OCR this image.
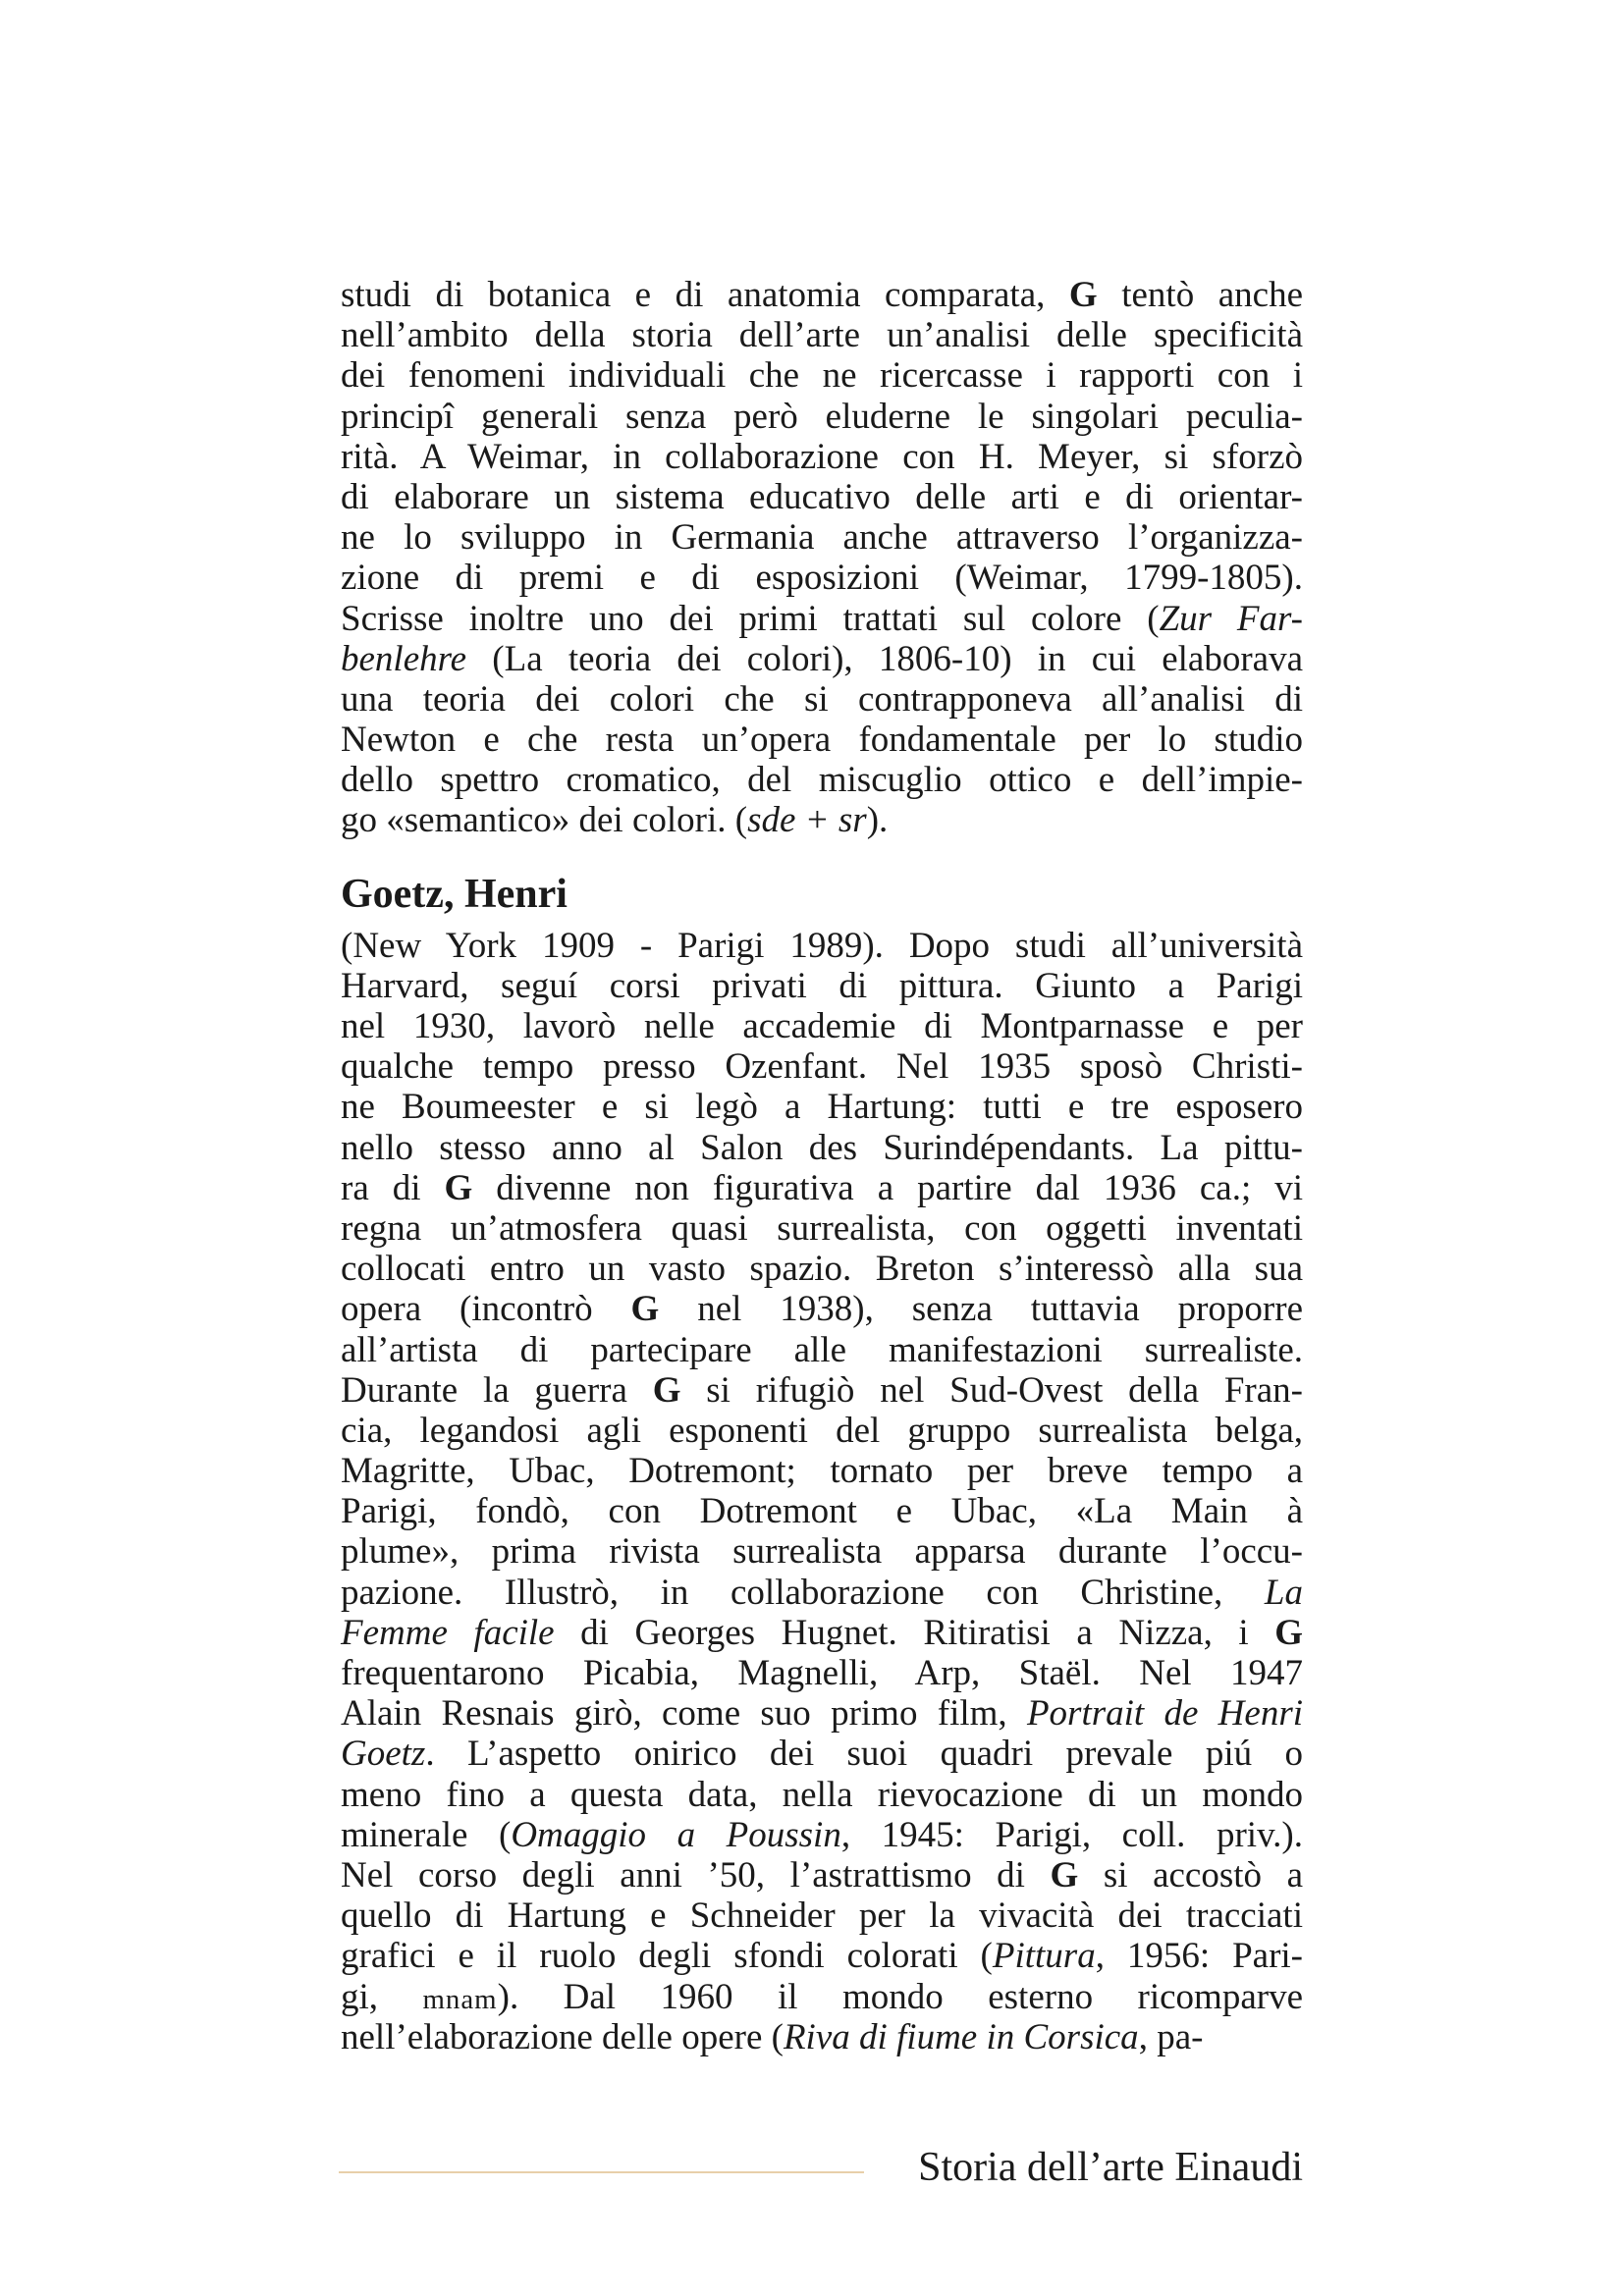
studi di botanica e di anatomia comparata, G tentò anche
nell’ambito della storia dell’arte un’analisi delle specificità
dei fenomeni individuali che ne ricercasse i rapporti con i
principî generali senza però eluderne le singolari peculia-
rità. A Weimar, in collaborazione con H. Meyer, si sforzò
di elaborare un sistema educativo delle arti e di orientar-
ne lo sviluppo in Germania anche attraverso l’organizza-
zione di premi e di esposizioni (Weimar, 1799-1805).
Scrisse inoltre uno dei primi trattati sul colore (Zur Far-
benlehre (La teoria dei colori), 1806-10) in cui elaborava
una teoria dei colori che si contrapponeva all’analisi di
Newton e che resta un’opera fondamentale per lo studio
dello spettro cromatico, del miscuglio ottico e dell’impie-
go «semantico» dei colori. (sde + sr).
Goetz, Henri
(New York 1909 - Parigi 1989). Dopo studi all’università
Harvard, seguí corsi privati di pittura. Giunto a Parigi
nel 1930, lavorò nelle accademie di Montparnasse e per
qualche tempo presso Ozenfant. Nel 1935 sposò Christi-
ne Boumeester e si legò a Hartung: tutti e tre esposero
nello stesso anno al Salon des Surindépendants. La pittu-
ra di G divenne non figurativa a partire dal 1936 ca.; vi
regna un’atmosfera quasi surrealista, con oggetti inventati
collocati entro un vasto spazio. Breton s’interessò alla sua
opera (incontrò G nel 1938), senza tuttavia proporre
all’artista di partecipare alle manifestazioni surrealiste.
Durante la guerra G si rifugiò nel Sud-Ovest della Fran-
cia, legandosi agli esponenti del gruppo surrealista belga,
Magritte, Ubac, Dotremont; tornato per breve tempo a
Parigi, fondò, con Dotremont e Ubac, «La Main à
plume», prima rivista surrealista apparsa durante l’occu-
pazione. Illustrò, in collaborazione con Christine, La
Femme facile di Georges Hugnet. Ritiratisi a Nizza, i G
frequentarono Picabia, Magnelli, Arp, Staël. Nel 1947
Alain Resnais girò, come suo primo film, Portrait de Henri
Goetz. L’aspetto onirico dei suoi quadri prevale piú o
meno fino a questa data, nella rievocazione di un mondo
minerale (Omaggio a Poussin, 1945: Parigi, coll. priv.).
Nel corso degli anni ’50, l’astrattismo di G si accostò a
quello di Hartung e Schneider per la vivacità dei tracciati
grafici e il ruolo degli sfondi colorati (Pittura, 1956: Pari-
gi, mnam). Dal 1960 il mondo esterno ricomparve
nell’elaborazione delle opere (Riva di fiume in Corsica, pa-
Storia dell’arte Einaudi
